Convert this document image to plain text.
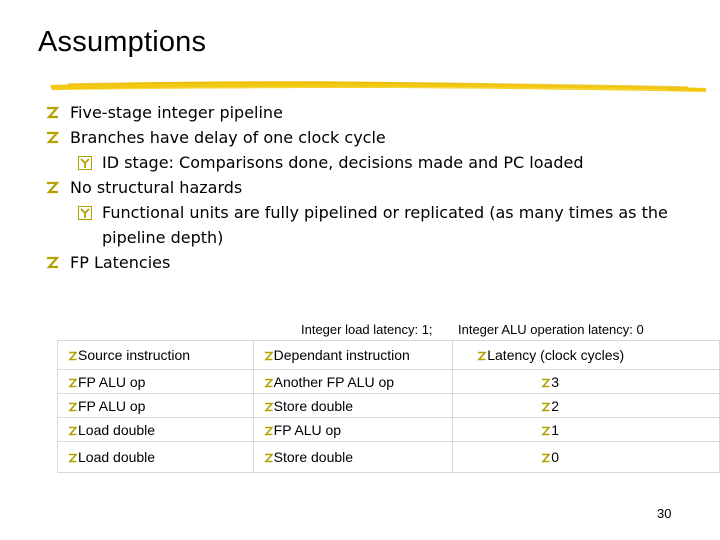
Assumptions
Five-stage integer pipeline
Branches have delay of one clock cycle
ID stage: Comparisons done, decisions made and PC loaded
No structural hazards
Functional units are fully pipelined or replicated (as many times as the
pipeline depth)
FP Latencies
Integer load latency: 1; Integer ALU operation latency: 0
Source instruction	Dependant instruction	Latency (clock cycles)

FP ALU op	Another FP ALU op	3

FP ALU op	Store double	2

Load double	FP ALU op	1

Load double	Store double	0
30
